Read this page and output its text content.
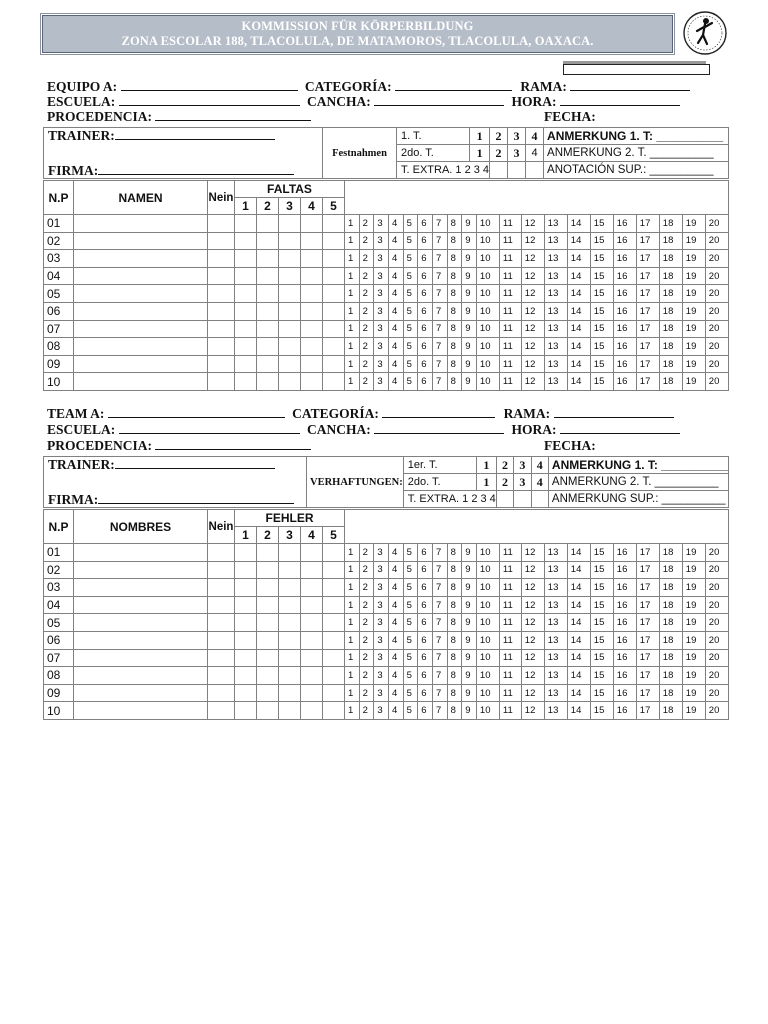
KOMMISSION FÜR KÖRPERBILDUNG
ZONA ESCOLAR 188, TLACOLULA, DE MATAMOROS, TLACOLULA, OAXACA.
EQUIPO A:	CATEGORÍA:	RAMA:
ESCUELA:	CANCHA:	HORA:
PROCEDENCIA:	FECHA:
TRAINER:
FIRMA:	Festnahmen	1. T.	1	2	3	4	ANMERKUNG 1. T: __________
		2do. T.	1	2	3	4	ANMERKUNG 2. T. __________
		T. EXTRA. 1 2 3 4					ANOTACIÓN SUP.: __________
N.P	NAMEN	Nein	FALTAS																								
			1	2	3	4	5																				
01								1	2	3	4	5	6	7	8	9	10	11	12	13	14	15	16	17	18	19	20
02								1	2	3	4	5	6	7	8	9	10	11	12	13	14	15	16	17	18	19	20
03								1	2	3	4	5	6	7	8	9	10	11	12	13	14	15	16	17	18	19	20
04								1	2	3	4	5	6	7	8	9	10	11	12	13	14	15	16	17	18	19	20
05								1	2	3	4	5	6	7	8	9	10	11	12	13	14	15	16	17	18	19	20
06								1	2	3	4	5	6	7	8	9	10	11	12	13	14	15	16	17	18	19	20
07								1	2	3	4	5	6	7	8	9	10	11	12	13	14	15	16	17	18	19	20
08								1	2	3	4	5	6	7	8	9	10	11	12	13	14	15	16	17	18	19	20
09								1	2	3	4	5	6	7	8	9	10	11	12	13	14	15	16	17	18	19	20
10								1	2	3	4	5	6	7	8	9	10	11	12	13	14	15	16	17	18	19	20
TEAM A:	CATEGORÍA:	RAMA:
ESCUELA:	CANCHA:	HORA:
PROCEDENCIA:	FECHA:
TRAINER:
FIRMA:	VERHAFTUNGEN:	1er. T.	1	2	3	4	ANMERKUNG 1. T: __________
		2do. T.	1	2	3	4	ANMERKUNG 2. T. __________
		T. EXTRA. 1 2 3 4					ANMERKUNG SUP.: __________
N.P	NOMBRES	Nein	FEHLER																								
			1	2	3	4	5																				
01								1	2	3	4	5	6	7	8	9	10	11	12	13	14	15	16	17	18	19	20
02								1	2	3	4	5	6	7	8	9	10	11	12	13	14	15	16	17	18	19	20
03								1	2	3	4	5	6	7	8	9	10	11	12	13	14	15	16	17	18	19	20
04								1	2	3	4	5	6	7	8	9	10	11	12	13	14	15	16	17	18	19	20
05								1	2	3	4	5	6	7	8	9	10	11	12	13	14	15	16	17	18	19	20
06								1	2	3	4	5	6	7	8	9	10	11	12	13	14	15	16	17	18	19	20
07								1	2	3	4	5	6	7	8	9	10	11	12	13	14	15	16	17	18	19	20
08								1	2	3	4	5	6	7	8	9	10	11	12	13	14	15	16	17	18	19	20
09								1	2	3	4	5	6	7	8	9	10	11	12	13	14	15	16	17	18	19	20
10								1	2	3	4	5	6	7	8	9	10	11	12	13	14	15	16	17	18	19	20
